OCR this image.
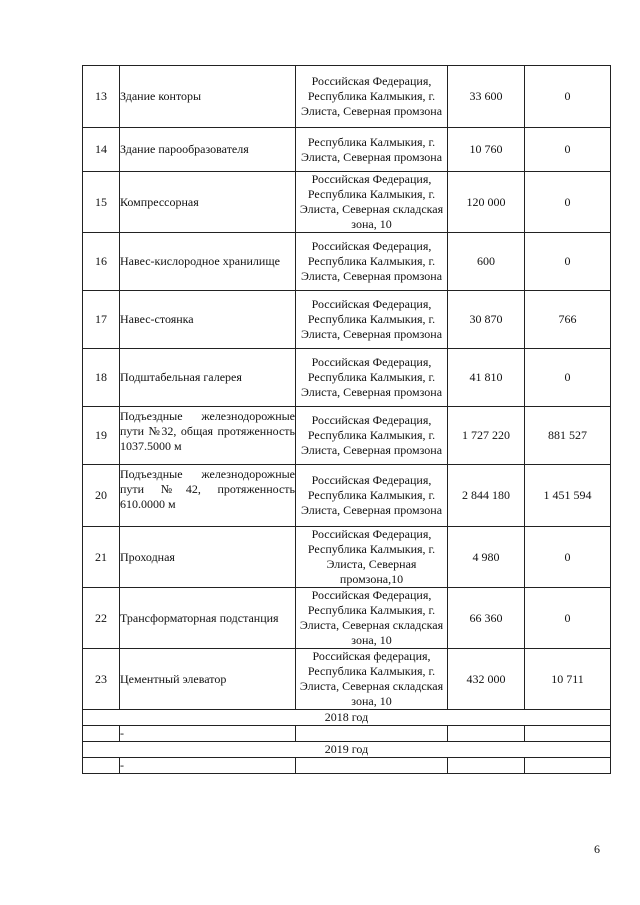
13	Здание конторы	Российская Федерация, Республика Калмыкия, г. Элиста, Северная промзона	33 600	0
14	Здание парообразователя	Республика Калмыкия, г. Элиста, Северная промзона	10 760	0
15	Компрессорная	Российская Федерация, Республика Калмыкия, г. Элиста, Северная складская зона, 10	120 000	0
16	Навес-кислородное хранилище	Российская Федерация, Республика Калмыкия, г. Элиста, Северная промзона	600	0
17	Навес-стоянка	Российская Федерация, Республика Калмыкия, г. Элиста, Северная промзона	30 870	766
18	Подштабельная галерея	Российская Федерация, Республика Калмыкия, г. Элиста, Северная промзона	41 810	0
19	Подъездные железнодорожные пути №32, общая протяженность 1037.5000 м	Российская Федерация, Республика Калмыкия, г. Элиста, Северная промзона	1 727 220	881 527
20	Подъездные железнодорожные пути №42, протяженность 610.0000 м	Российская Федерация, Республика Калмыкия, г. Элиста, Северная промзона	2 844 180	1 451 594
21	Проходная	Российская Федерация, Республика Калмыкия, г. Элиста, Северная промзона,10	4 980	0
22	Трансформаторная подстанция	Российская Федерация, Республика Калмыкия, г. Элиста, Северная складская зона, 10	66 360	0
23	Цементный элеватор	Российская федерация, Республика Калмыкия, г. Элиста, Северная складская зона, 10	432 000	10 711
2018 год				
	-			
2019 год				
	-			
6
